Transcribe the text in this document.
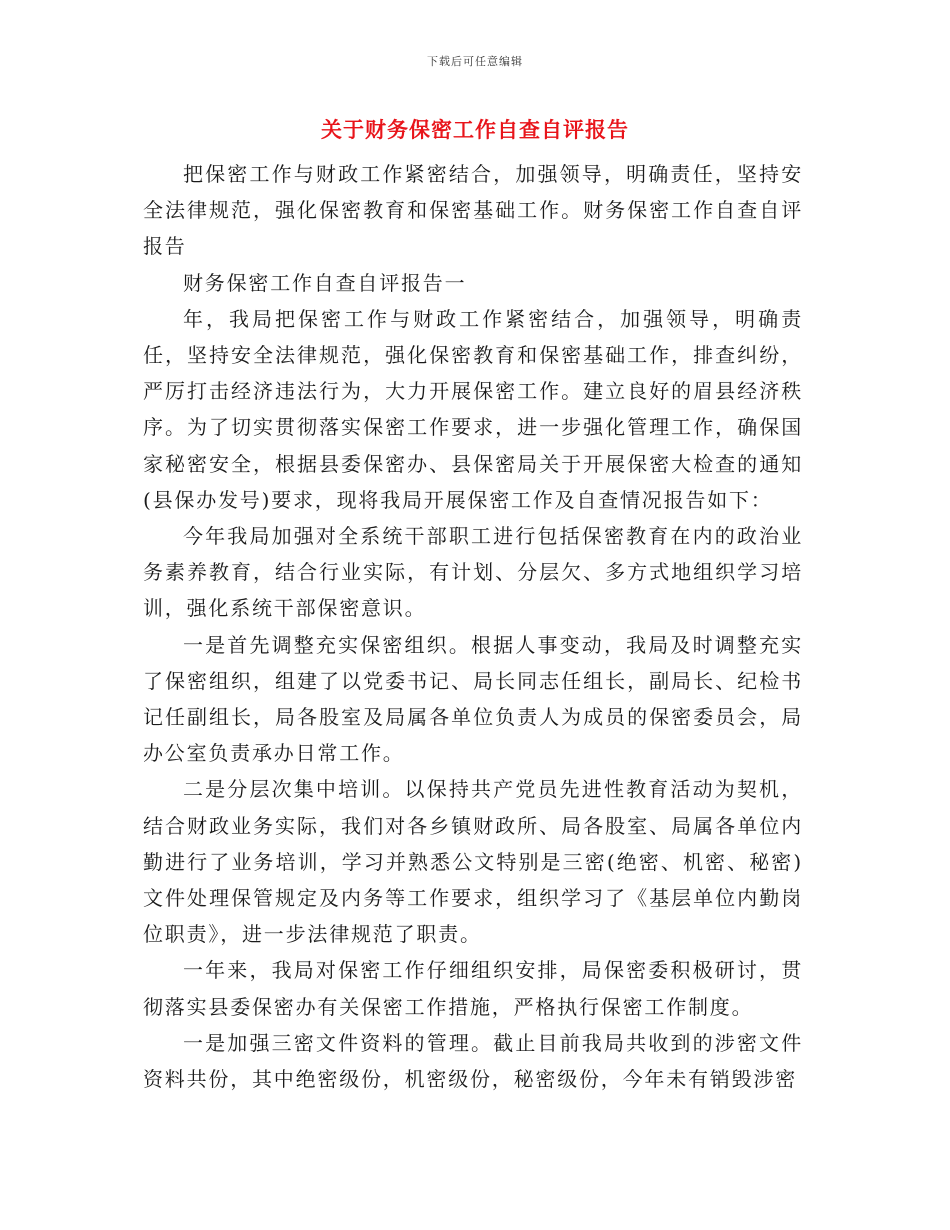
下载后可任意编辑
关于财务保密工作自查自评报告

把保密工作与财政工作紧密结合，加强领导，明确责任，坚持安全法律规范，强化保密教育和保密基础工作。财务保密工作自查自评报告

财务保密工作自查自评报告一

年，我局把保密工作与财政工作紧密结合，加强领导，明确责任，坚持安全法律规范，强化保密教育和保密基础工作，排查纠纷，严厉打击经济违法行为，大力开展保密工作。建立良好的眉县经济秩序。为了切实贯彻落实保密工作要求，进一步强化管理工作，确保国家秘密安全，根据县委保密办、县保密局关于开展保密大检查的通知(县保办发号)要求，现将我局开展保密工作及自查情况报告如下：

今年我局加强对全系统干部职工进行包括保密教育在内的政治业务素养教育，结合行业实际，有计划、分层欠、多方式地组织学习培训，强化系统干部保密意识。

一是首先调整充实保密组织。根据人事变动，我局及时调整充实了保密组织，组建了以党委书记、局长同志任组长，副局长、纪检书记任副组长，局各股室及局属各单位负责人为成员的保密委员会，局办公室负责承办日常工作。

二是分层次集中培训。以保持共产党员先进性教育活动为契机，结合财政业务实际，我们对各乡镇财政所、局各股室、局属各单位内勤进行了业务培训，学习并熟悉公文特别是三密(绝密、机密、秘密)文件处理保管规定及内务等工作要求，组织学习了《基层单位内勤岗位职责》，进一步法律规范了职责。

一年来，我局对保密工作仔细组织安排，局保密委积极研讨，贯彻落实县委保密办有关保密工作措施，严格执行保密工作制度。

一是加强三密文件资料的管理。截止目前我局共收到的涉密文件资料共份，其中绝密级份，机密级份，秘密级份，今年未有销毁涉密
